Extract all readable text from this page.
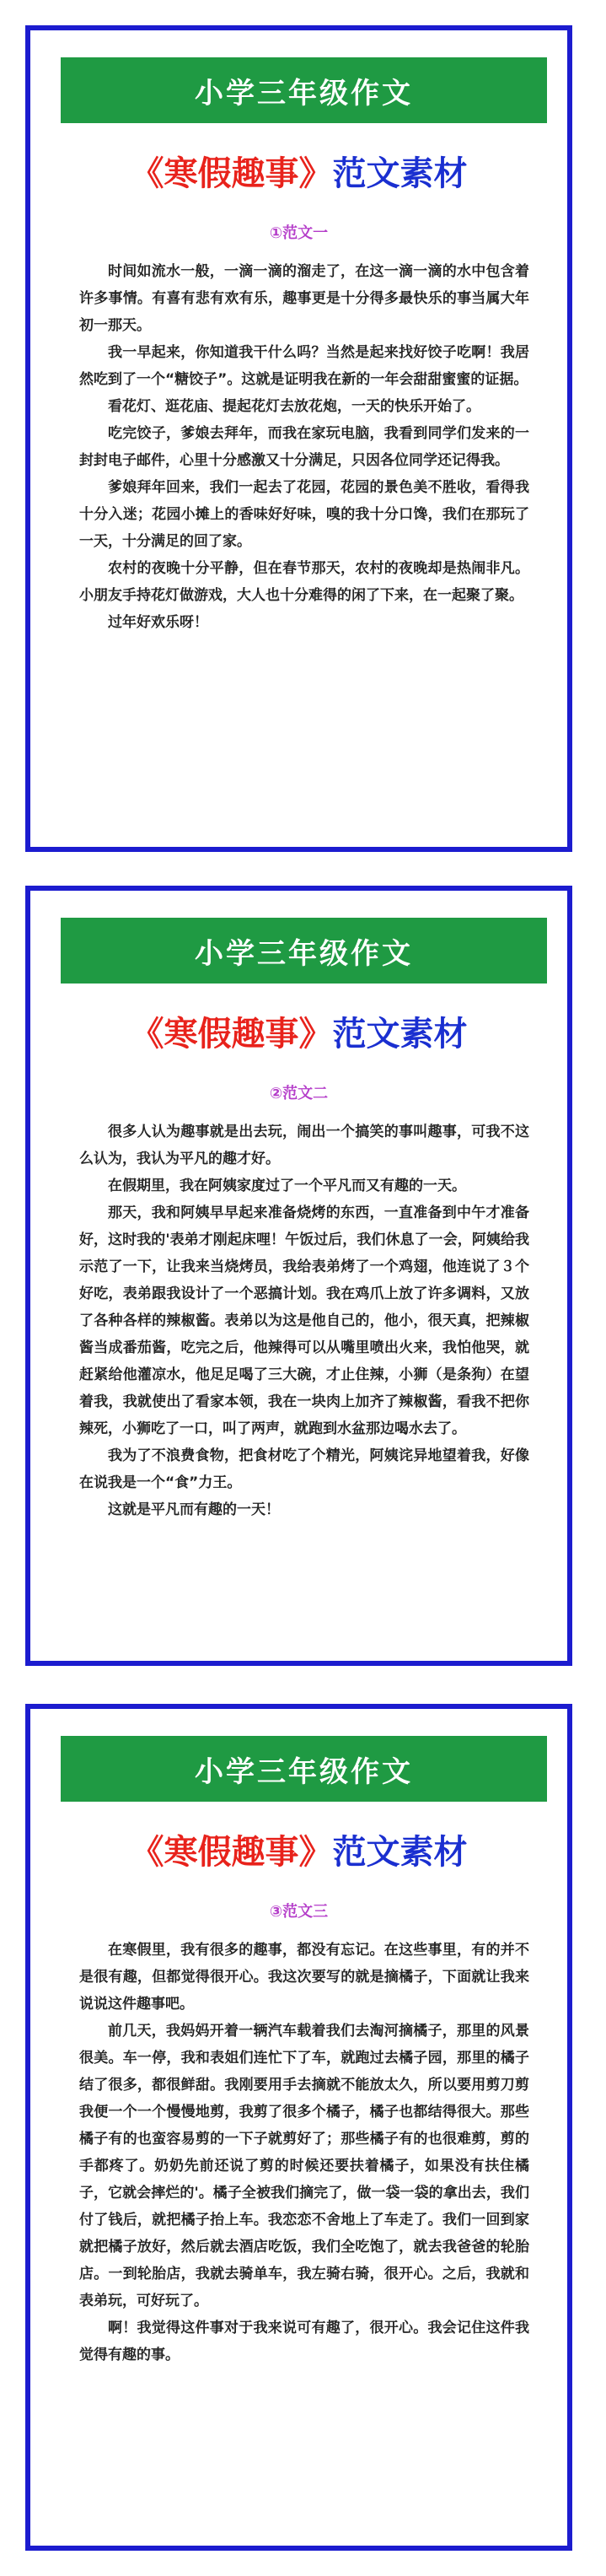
小学三年级作文
《寒假趣事》范文素材
①范文一

时间如流水一般，一滴一滴的溜走了，在这一滴一滴的水中包含着许多事情。有喜有悲有欢有乐，趣事更是十分得多最快乐的事当属大年初一那天。

我一早起来，你知道我干什么吗？当然是起来找好饺子吃啊！我居然吃到了一个“糖饺子”。这就是证明我在新的一年会甜甜蜜蜜的证据。

看花灯、逛花庙、提起花灯去放花炮，一天的快乐开始了。

吃完饺子，爹娘去拜年，而我在家玩电脑，我看到同学们发来的一封封电子邮件，心里十分感激又十分满足，只因各位同学还记得我。

爹娘拜年回来，我们一起去了花园，花园的景色美不胜收，看得我十分入迷；花园小摊上的香味好好味，嗅的我十分口馋，我们在那玩了一天，十分满足的回了家。

农村的夜晚十分平静，但在春节那天，农村的夜晚却是热闹非凡。小朋友手持花灯做游戏，大人也十分难得的闲了下来，在一起聚了聚。

过年好欢乐呀！

小学三年级作文
《寒假趣事》范文素材
②范文二

很多人认为趣事就是出去玩，闹出一个搞笑的事叫趣事，可我不这么认为，我认为平凡的趣才好。

在假期里，我在阿姨家度过了一个平凡而又有趣的一天。

那天，我和阿姨早早起来准备烧烤的东西，一直准备到中午才准备好，这时我的'表弟才刚起床哩！午饭过后，我们休息了一会，阿姨给我示范了一下，让我来当烧烤员，我给表弟烤了一个鸡翅，他连说了３个好吃，表弟跟我设计了一个恶搞计划。我在鸡爪上放了许多调料，又放了各种各样的辣椒酱。表弟以为这是他自己的，他小，很天真，把辣椒酱当成番茄酱，吃完之后，他辣得可以从嘴里喷出火来，我怕他哭，就赶紧给他灌凉水，他足足喝了三大碗，才止住辣，小狮（是条狗）在望着我，我就使出了看家本领，我在一块肉上加齐了辣椒酱，看我不把你辣死，小狮吃了一口，叫了两声，就跑到水盆那边喝水去了。

我为了不浪费食物，把食材吃了个精光，阿姨诧异地望着我，好像在说我是一个“食”力王。

这就是平凡而有趣的一天！

小学三年级作文
《寒假趣事》范文素材
③范文三

在寒假里，我有很多的趣事，都没有忘记。在这些事里，有的并不是很有趣，但都觉得很开心。我这次要写的就是摘橘子，下面就让我来说说这件趣事吧。

前几天，我妈妈开着一辆汽车载着我们去淘河摘橘子，那里的风景很美。车一停，我和表姐们连忙下了车，就跑过去橘子园，那里的橘子结了很多，都很鲜甜。我刚要用手去摘就不能放太久，所以要用剪刀剪我便一个一个慢慢地剪，我剪了很多个橘子，橘子也都结得很大。那些橘子有的也蛮容易剪的一下子就剪好了；那些橘子有的也很难剪，剪的手都疼了。奶奶先前还说了剪的时候还要扶着橘子，如果没有扶住橘子，它就会摔烂的'。橘子全被我们摘完了，做一袋一袋的拿出去，我们付了钱后，就把橘子抬上车。我恋恋不舍地上了车走了。我们一回到家就把橘子放好，然后就去酒店吃饭，我们全吃饱了，就去我爸爸的轮胎店。一到轮胎店，我就去骑单车，我左骑右骑，很开心。之后，我就和表弟玩，可好玩了。

啊！我觉得这件事对于我来说可有趣了，很开心。我会记住这件我觉得有趣的事。
